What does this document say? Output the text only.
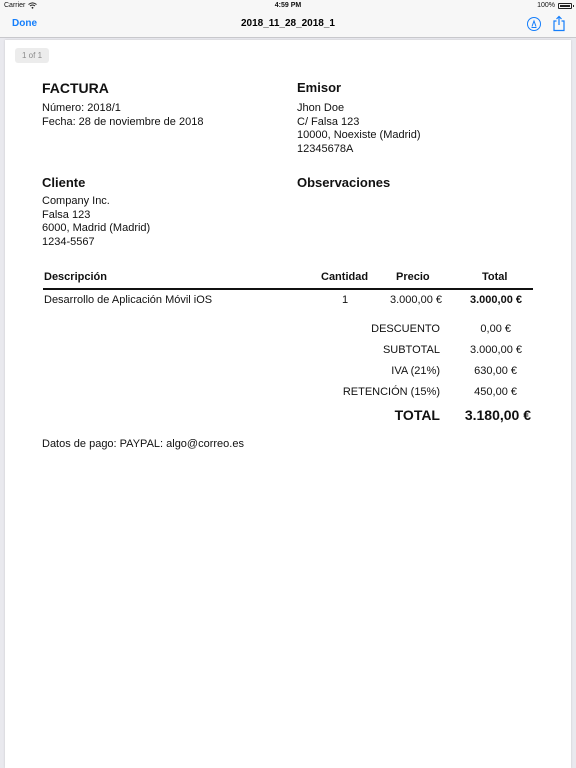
Carrier	4:59 PM	100%
Done	2018_11_28_2018_1
1 of 1
FACTURA
Número: 2018/1
Fecha: 28 de noviembre de 2018
Emisor
Jhon Doe
C/ Falsa 123
10000, Noexiste (Madrid)
12345678A
Cliente
Company Inc.
Falsa 123
6000, Madrid (Madrid)
1234-5567
Observaciones
Descripción	Cantidad	Precio	Total
Desarrollo de Aplicación Móvil iOS	1	3.000,00 €	3.000,00 €
DESCUENTO	0,00 €
SUBTOTAL	3.000,00 €
IVA (21%)	630,00 €
RETENCIÓN (15%)	450,00 €
TOTAL	3.180,00 €
Datos de pago: PAYPAL: algo@correo.es
